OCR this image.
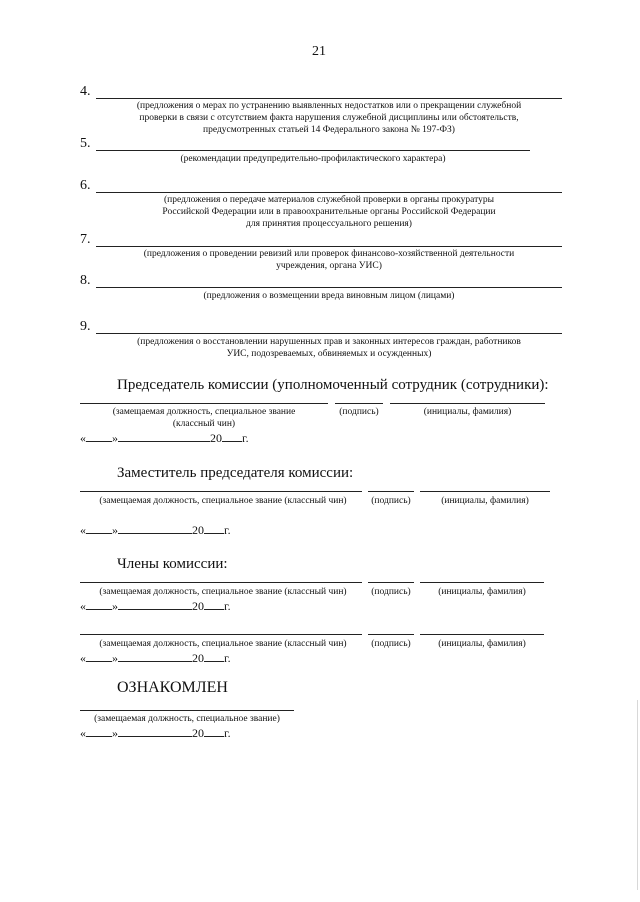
21
4.
(предложения о мерах по устранению выявленных недостатков или о прекращении служебной
проверки в связи с отсутствием факта нарушения служебной дисциплины или обстоятельств,
предусмотренных статьей 14 Федерального закона № 197-ФЗ)
5.
(рекомендации предупредительно-профилактического характера)
6.
(предложения о передаче материалов служебной проверки в органы прокуратуры
Российской Федерации или в правоохранительные органы Российской Федерации
для принятия процессуального решения)
7.
(предложения о проведении ревизий или проверок финансово-хозяйственной деятельности
учреждения, органа УИС)
8.
(предложения о возмещении вреда виновным лицом (лицами)
9.
(предложения о восстановлении нарушенных прав и законных интересов граждан, работников
УИС, подозреваемых, обвиняемых и осужденных)
Председатель комиссии (уполномоченный сотрудник (сотрудники):
(замещаемая должность, специальное звание
(классный чин)
(подпись)	(инициалы, фамилия)
« »	20 г.
Заместитель председателя комиссии:
(замещаемая должность, специальное звание (классный чин)	(подпись)	(инициалы, фамилия)
« »	20 г.
Члены комиссии:
(замещаемая должность, специальное звание (классный чин)	(подпись)	(инициалы, фамилия)
« »	20 г.
(замещаемая должность, специальное звание (классный чин)	(подпись)	(инициалы, фамилия)
« »	20 г.
ОЗНАКОМЛЕН
(замещаемая должность, специальное звание)
« »	20 г.
